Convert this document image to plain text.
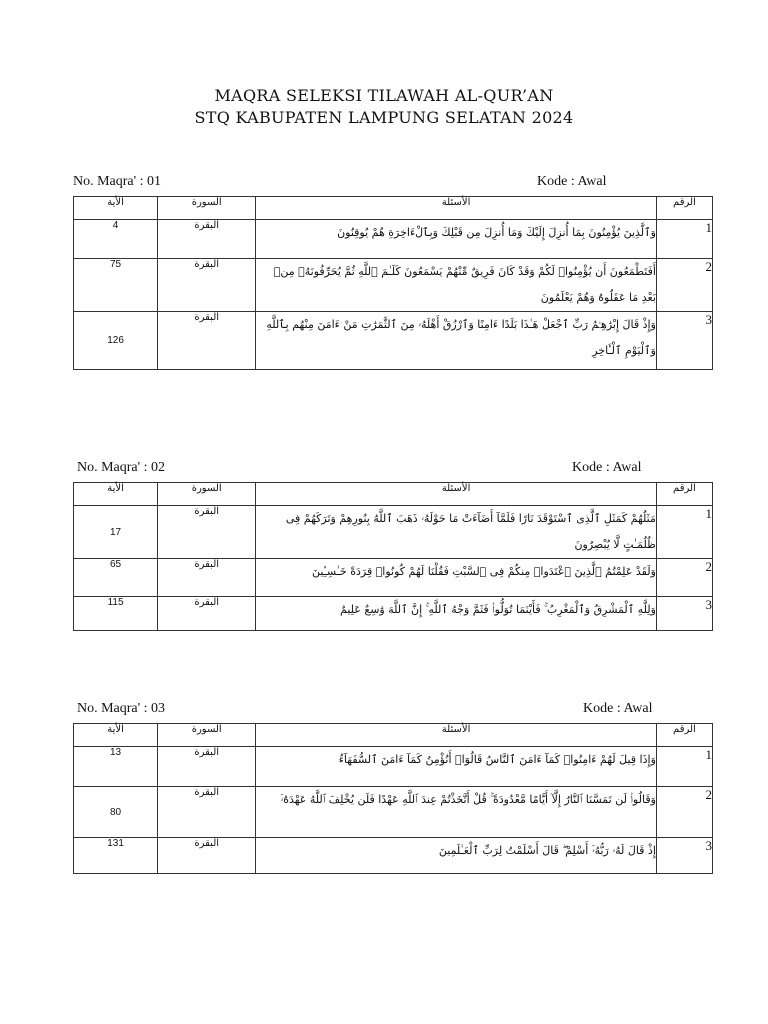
MAQRA SELEKSI TILAWAH AL-QUR’AN
STQ KABUPATEN LAMPUNG SELATAN 2024
No. Maqra' : 01	Kode : Awal
الأية	السورة	الأسئلة	الرقم
4	البقرة	وَٱلَّذِينَ يُؤْمِنُونَ بِمَا أُنزِلَ إِلَيْكَ وَمَا أُنزِلَ مِن قَبْلِكَ وَبِٱلْءَاخِرَةِ هُمْ يُوقِنُونَ	1
75	البقرة	أَفَتَطْمَعُونَ أَن يُؤْمِنُوا۟ لَكُمْ وَقَدْ كَانَ فَرِيقٌ مِّنْهُمْ يَسْمَعُونَ كَلَـٰمَ ٱللَّهِ ثُمَّ يُحَرِّفُونَهُۥ مِنۢ بَعْدِ مَا عَقَلُوهُ وَهُمْ يَعْلَمُونَ	2
126	البقرة	وَإِذْ قَالَ إِبْرَٰهِـۧمُ رَبِّ ٱجْعَلْ هَـٰذَا بَلَدًا ءَامِنًا وَٱرْزُقْ أَهْلَهُۥ مِنَ ٱلثَّمَرَٰتِ مَنْ ءَامَنَ مِنْهُم بِٱللَّهِ وَٱلْيَوْمِ ٱلْـَٔاخِرِ	3
No. Maqra' : 02	Kode : Awal
الأية	السورة	الأسئلة	الرقم
17	البقرة	مَثَلُهُمْ كَمَثَلِ ٱلَّذِى ٱسْتَوْقَدَ نَارًا فَلَمَّآ أَضَآءَتْ مَا حَوْلَهُۥ ذَهَبَ ٱللَّهُ بِنُورِهِمْ وَتَرَكَهُمْ فِى ظُلُمَـٰتٍ لَّا يُبْصِرُونَ	1
65	البقرة	وَلَقَدْ عَلِمْتُمُ ٱلَّذِينَ ٱعْتَدَوا۟ مِنكُمْ فِى ٱلسَّبْتِ فَقُلْنَا لَهُمْ كُونُوا۟ قِرَدَةً خَـٰسِـِٔينَ	2
115	البقرة	وَلِلَّهِ ٱلْمَشْرِقُ وَٱلْمَغْرِبُ ۚ فَأَيْنَمَا تُوَلُّوا۟ فَثَمَّ وَجْهُ ٱللَّهِ ۚ إِنَّ ٱللَّهَ وَٰسِعٌ عَلِيمٌ	3
No. Maqra' : 03	Kode : Awal
الأية	السورة	الأسئلة	الرقم
13	البقرة	وَإِذَا قِيلَ لَهُمْ ءَامِنُوا۟ كَمَآ ءَامَنَ ٱلنَّاسُ قَالُوٓا۟ أَنُؤْمِنُ كَمَآ ءَامَنَ ٱلسُّفَهَآءُ	1
80	البقرة	وَقَالُوا۟ لَن تَمَسَّنَا ٱلنَّارُ إِلَّآ أَيَّامًا مَّعْدُودَةً ۚ قُلْ أَتَّخَذْتُمْ عِندَ ٱللَّهِ عَهْدًا فَلَن يُخْلِفَ ٱللَّهُ عَهْدَهُۥٓ	2
131	البقرة	إِذْ قَالَ لَهُۥ رَبُّهُۥٓ أَسْلِمْ ۖ قَالَ أَسْلَمْتُ لِرَبِّ ٱلْعَـٰلَمِينَ	3
